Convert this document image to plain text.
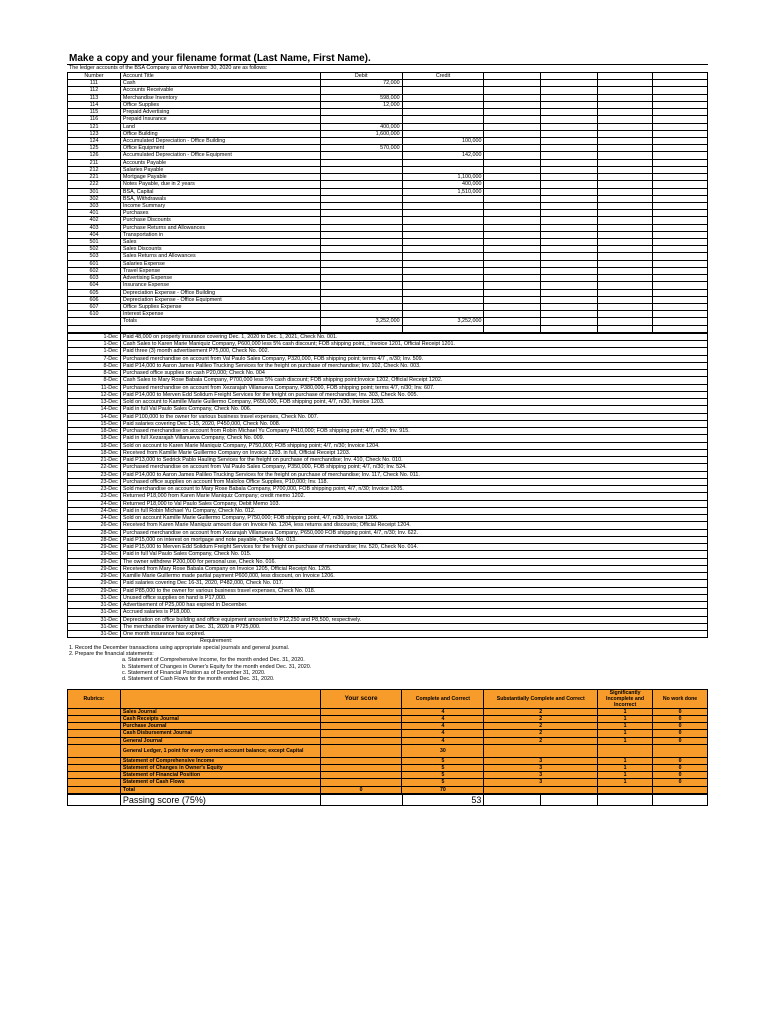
Make a copy and your filename format (Last Name, First Name).
The ledger accounts of the BSA Company as of November 30, 2020 are as follows:
Number	Account Title	Debit	Credit				
111	Cash	72,000					
112	Accounts Receivable						
113	Merchandise Inventory	598,000					
114	Office Supplies	12,000					
115	Prepaid Advertising						
116	Prepaid Insurance						
121	Land	400,000					
123	Office Building	1,600,000					
124	Accumulated Depreciation - Office Building		100,000				
125	Office Equipment	570,000					
126	Accumulated Depreciation - Office Equipment		142,000				
211	Accounts Payable						
212	Salaries Payable						
221	Mortgage Payable		1,100,000				
222	Notes Payable, due in 2 years		400,000				
301	BSA, Capital		1,510,000				
302	BSA, Withdrawals						
303	Income Summary						
401	Purchases						
402	Purchase Discounts						
403	Purchase Returns and Allowances						
404	Transportation in						
501	Sales						
502	Sales Discounts						
503	Sales Returns and Allowances						
601	Salaries Expense						
602	Travel Expense						
603	Advertising Expense						
604	Insurance Expense						
605	Depreciation Expense - Office Building						
606	Depreciation Expense - Office Equipment						
607	Office Supplies Expense						
610	Interest Expense						
	Totals	3,252,000	3,252,000				

1-Dec	Paid 48,000 on property insurance covering Dec. 1, 2020 to Dec. 1, 2021, Check No. 001.
1-Dec	Cash Sales to Karen Marie Maniquiz Company, P600,000 less 5% cash discount; FOB shipping point, ; Invoice 1201, Official Receipt 1201.
1-Dec	Paid three (3) month advertisement P75,000, Check No. 002.
7-Dec	Purchased merchandise on account from Val Paulo Sales Company, P320,000, FOB shipping point; terms 4/7 , n/30; Inv. 509.
8-Dec	Paid P14,000 to Aaron James Palileo Trucking Services for the freight on purchase of merchandise; Inv. 102, Check No. 003.
8-Dec	Purchased office supplies on cash P20,000; Check No. 004
8-Dec	Cash Sales to Mary Rose Babala Company, P700,000 less 5% cash discount; FOB shipping point;Invoice 1202, Official Receipt 1202.
11-Dec	Purchased merchandise on account from Xezarajah Villanueva Company, P380,000, FOB shipping point; terms 4/7, n/30; Inv. 607.
12-Dec	Paid P14,000 to Merven Edd Solidum Freight Services for the freight on purchase of merchandise; Inv. 303, Check No. 005.
13-Dec	Sold on account to Kamille Marie Guillermo Company, P650,000, FOB shipping point, 4/7, n/30, Invoice 1203.
14-Dec	Paid in full Val Paulo Sales Company, Check No. 006.
14-Dec	Paid P100,000 to the owner for various business travel expenses, Check No. 007.
15-Dec	Paid salaries covering Dec 1-15, 2020, P450,000, Check No. 008.
18-Dec	Purchased merchandise on account from Robin Michael Yu Company P410,000; FOB shipping point; 4/7, n/30; Inv. 915.
18-Dec	Paid in full Xezarajah Villanueva Company, Check No. 009.
18-Dec	Sold on account to Karen Marie Maniquiz Company, P750,000; FOB shipping point; 4/7, n/30; Invoice 1204.
18-Dec	Received from Kamille Marie Guillermo Company on Invoice 1203. in full, Official Receipt 1203.
21-Dec	Paid P13,000 to Sedrick Pablo Hauling Services for the freight on purchase of merchandise; Inv. 410, Check No. 010.
22-Dec	Purchased merchandise on account from Val Paulo Sales Company, P350,000, FOB shipping point; 4/7, n/30; Inv. 524.
23-Dec	Paid P14,000 to Aaron James Palileo Trucking Services for the freight on purchase of merchandise; Inv. 117, Check No. 011.
23-Dec	Purchased office supplies on account from Malolos Office Supplies, P10,000; Inv. 118.
23-Dec	Sold merchandise on account to Mary Rose Babala Company, P700,000, FOB shipping point, 4/7, n/30; Invoice 1205.
23-Dec	Returned P18,000 from Karen Marie Maniquiz Company; credit memo 1202.
24-Dec	Returned P18,000 to Val Paulo Sales Company, Debit Memo 103.
24-Dec	Paid in full Robin Michael Yu Company, Check No. 012.
24-Dec	Sold on account Kamille Marie Guillermo Company, P750,000; FOB shipping point, 4/7, n/30, Invoice 1206.
26-Dec	Received from Karen Marie Maniquiz amount due on Invoice No. 1204, less returns and discounts; Official Receipt 1204.
28-Dec	Purchased merchandise on account from Xezarajah Villanueva Company, P650,000 FOB shipping point, 4/7, n/30; Inv. 622.
28-Dec	Paid P15,000 on interest on mortgage and note payable, Check No. 013.
29-Dec	Paid P15,000 to Merven Edd Solidum Freight Services for the freight on purchase of merchandise; Inv. 520, Check No. 014.
29-Dec	Paid in full Val Paulo Sales Company, Check No. 015.
29-Dec	The owner withdrew P200,000 for personal use, Check No. 016.
29-Dec	Received from Mary Rose Babala Company on Invoice 1205, Official Receipt No. 1205.
29-Dec	Kamille Marie Guillermo made partial payment P600,000, less discount, on Invoice 1206.
29-Dec	Paid salaries covering Dec 16-31, 2020, P482,000, Check No. 017.
29-Dec	Paid P85,000 to the owner for various business travel expenses, Check No. 018.
31-Dec	Unused office supplies on hand is P17,000.
31-Dec	Advertisement of P25,000 has expired in December.
31-Dec	Accrued salaries is P18,000.
31-Dec	Depreciation on office building and office equipment amounted to P12,250 and P8,500, respectively.
31-Dec	The merchandise inventory at Dec. 31, 2020 is P725,000.
31-Dec	One month insurance has expired.
	Requirement:
1. Record the December transactions using appropriate special journals and general journal.	
2. Prepare the financial statements:	
	a. Statement of Comprehensive Income, for the month ended Dec. 31, 2020.
	b. Statement of Changes in Owner's Equity for the month ended Dec. 31, 2020.
	c. Statement of Financial Position as of December 31, 2020.
	d. Statement of Cash Flows for the month ended Dec. 31, 2020.

Rubrics:		Your score	Complete and Correct	Substantially Complete and Correct	Significantly Incomplete and Incorrect	No work done
	Sales Journal		4	2	1	0
	Cash Receipts Journal		4	2	1	0
	Purchase Journal		4	2	1	0
	Cash Disbursement Journal		4	2	1	0
	General Journal		4	2	1	0
	General Ledger, 1 point for every correct account balance; except Capital		30			
	Statement of Comprehensive Income		5	3	1	0
	Statement of Changes in Owner's Equity		5	3	1	0
	Statement of Financial Position		5	3	1	0
	Statement of Cash Flows		5	3	1	0
	Total	0	70			
	Passing score (75%)		53				
